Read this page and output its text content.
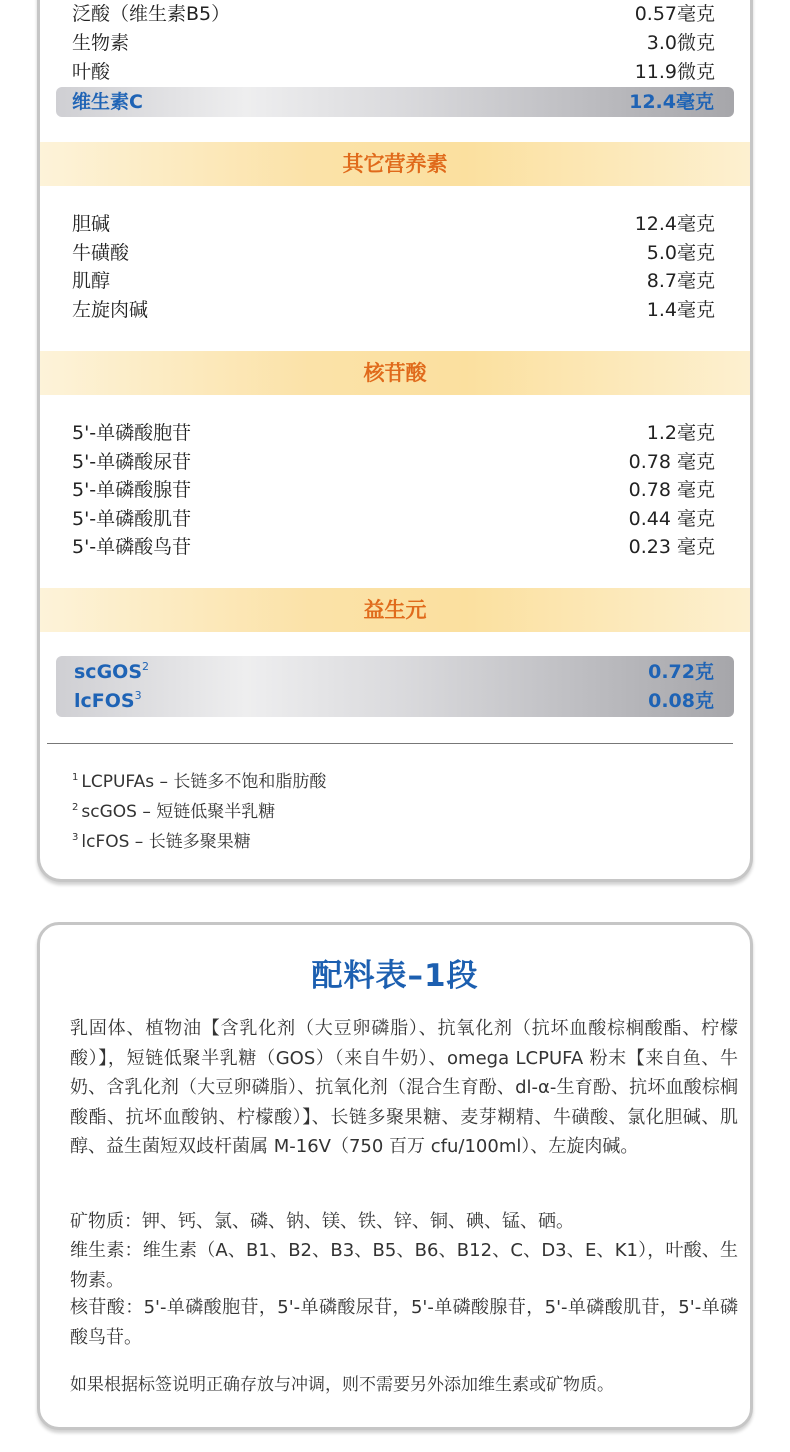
泛酸（维生素B5）	0.57毫克
生物素	3.0微克
叶酸	11.9微克
维生素C	12.4毫克
其它营养素
胆碱	12.4毫克
牛磺酸	5.0毫克
肌醇	8.7毫克
左旋肉碱	1.4毫克
核苷酸
5'-单磷酸胞苷	1.2毫克
5'-单磷酸尿苷	0.78 毫克
5'-单磷酸腺苷	0.78 毫克
5'-单磷酸肌苷	0.44 毫克
5'-单磷酸鸟苷	0.23 毫克
益生元
scGOS$^2$	0.72克
lcFOS$^3$	0.08克
$^1$ LCPUFAs – 长链多不饱和脂肪酸
$^2$ scGOS – 短链低聚半乳糖
$^3$ lcFOS – 长链多聚果糖
配料表–1段
乳固体、植物油【含乳化剂（大豆卵磷脂）、抗氧化剂（抗坏血酸棕榈酸酯、柠檬酸）】，短链低聚半乳糖（GOS）（来自牛奶）、omega LCPUFA 粉末【来自鱼、牛奶、含乳化剂（大豆卵磷脂）、抗氧化剂（混合生育酚、dl-α-生育酚、抗坏血酸棕榈酸酯、抗坏血酸钠、柠檬酸）】、长链多聚果糖、麦芽糊精、牛磺酸、氯化胆碱、肌醇、益生菌短双歧杆菌属 M-16V（750 百万 cfu/100ml）、左旋肉碱。
矿物质：钾、钙、氯、磷、钠、镁、铁、锌、铜、碘、锰、硒。
维生素：维生素（A、B1、B2、B3、B5、B6、B12、C、D3、E、K1），叶酸、生物素。
核苷酸：5'-单磷酸胞苷，5'-单磷酸尿苷，5'-单磷酸腺苷，5'-单磷酸肌苷，5'-单磷酸鸟苷。
如果根据标签说明正确存放与冲调，则不需要另外添加维生素或矿物质。
